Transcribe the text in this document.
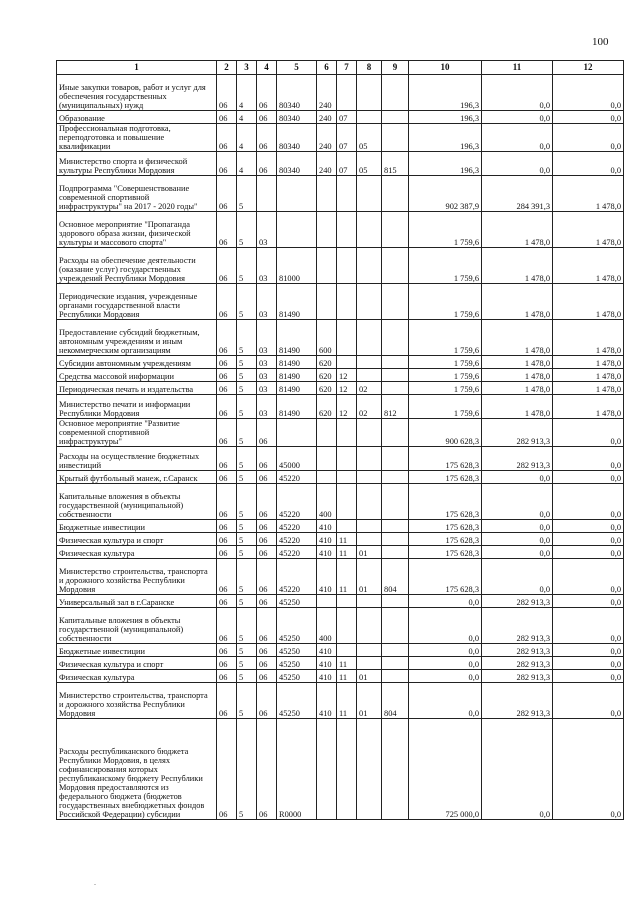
100
1	2	3	4	5	6	7	8	9	10	11	12
Иные закупки товаров, работ и услуг для обеспечения государственных (муниципальных) нужд	06	4	06	80340	240				196,3	0,0	0,0
Образование	06	4	06	80340	240	07			196,3	0,0	0,0
Профессиональная подготовка, переподготовка и повышение квалификации	06	4	06	80340	240	07	05		196,3	0,0	0,0
Министерство спорта и физической культуры Республики Мордовия	06	4	06	80340	240	07	05	815	196,3	0,0	0,0
Подпрограмма "Совершенствование современной спортивной инфраструктуры" на 2017 - 2020 годы"	06	5							902 387,9	284 391,3	1 478,0
Основное мероприятие "Пропаганда здорового образа жизни, физической культуры и массового спорта"	06	5	03						1 759,6	1 478,0	1 478,0
Расходы на обеспечение деятельности (оказание услуг) государственных учреждений Республики Мордовия	06	5	03	81000					1 759,6	1 478,0	1 478,0
Периодические издания, учрежденные органами государственной власти Республики Мордовия	06	5	03	81490					1 759,6	1 478,0	1 478,0
Предоставление субсидий бюджетным, автономным учреждениям и иным некоммерческим организациям	06	5	03	81490	600				1 759,6	1 478,0	1 478,0
Субсидии автономным учреждениям	06	5	03	81490	620				1 759,6	1 478,0	1 478,0
Средства массовой информации	06	5	03	81490	620	12			1 759,6	1 478,0	1 478,0
Периодическая печать и издательства	06	5	03	81490	620	12	02		1 759,6	1 478,0	1 478,0
Министерство печати и информации Республики Мордовия	06	5	03	81490	620	12	02	812	1 759,6	1 478,0	1 478,0
Основное мероприятие "Развитие современной спортивной инфраструктуры"	06	5	06						900 628,3	282 913,3	0,0
Расходы на осуществление бюджетных инвестиций	06	5	06	45000					175 628,3	282 913,3	0,0
Крытый футбольный манеж, г.Саранск	06	5	06	45220					175 628,3	0,0	0,0
Капитальные вложения в объекты государственной (муниципальной) собственности	06	5	06	45220	400				175 628,3	0,0	0,0
Бюджетные инвестиции	06	5	06	45220	410				175 628,3	0,0	0,0
Физическая культура и спорт	06	5	06	45220	410	11			175 628,3	0,0	0,0
Физическая культура	06	5	06	45220	410	11	01		175 628,3	0,0	0,0
Министерство строительства, транспорта и дорожного хозяйства Республики Мордовия	06	5	06	45220	410	11	01	804	175 628,3	0,0	0,0
Универсальный зал в г.Саранске	06	5	06	45250					0,0	282 913,3	0,0
Капитальные вложения в объекты государственной (муниципальной) собственности	06	5	06	45250	400				0,0	282 913,3	0,0
Бюджетные инвестиции	06	5	06	45250	410				0,0	282 913,3	0,0
Физическая культура и спорт	06	5	06	45250	410	11			0,0	282 913,3	0,0
Физическая культура	06	5	06	45250	410	11	01		0,0	282 913,3	0,0
Министерство строительства, транспорта и дорожного хозяйства Республики Мордовия	06	5	06	45250	410	11	01	804	0,0	282 913,3	0,0
Расходы республиканского бюджета Республики Мордовия, в целях софинансирования которых республиканскому бюджету Республики Мордовия предоставляются из федерального бюджета (бюджетов государственных внебюджетных фондов Российской Федерации) субсидии	06	5	06	R0000					725 000,0	0,0	0,0
.
